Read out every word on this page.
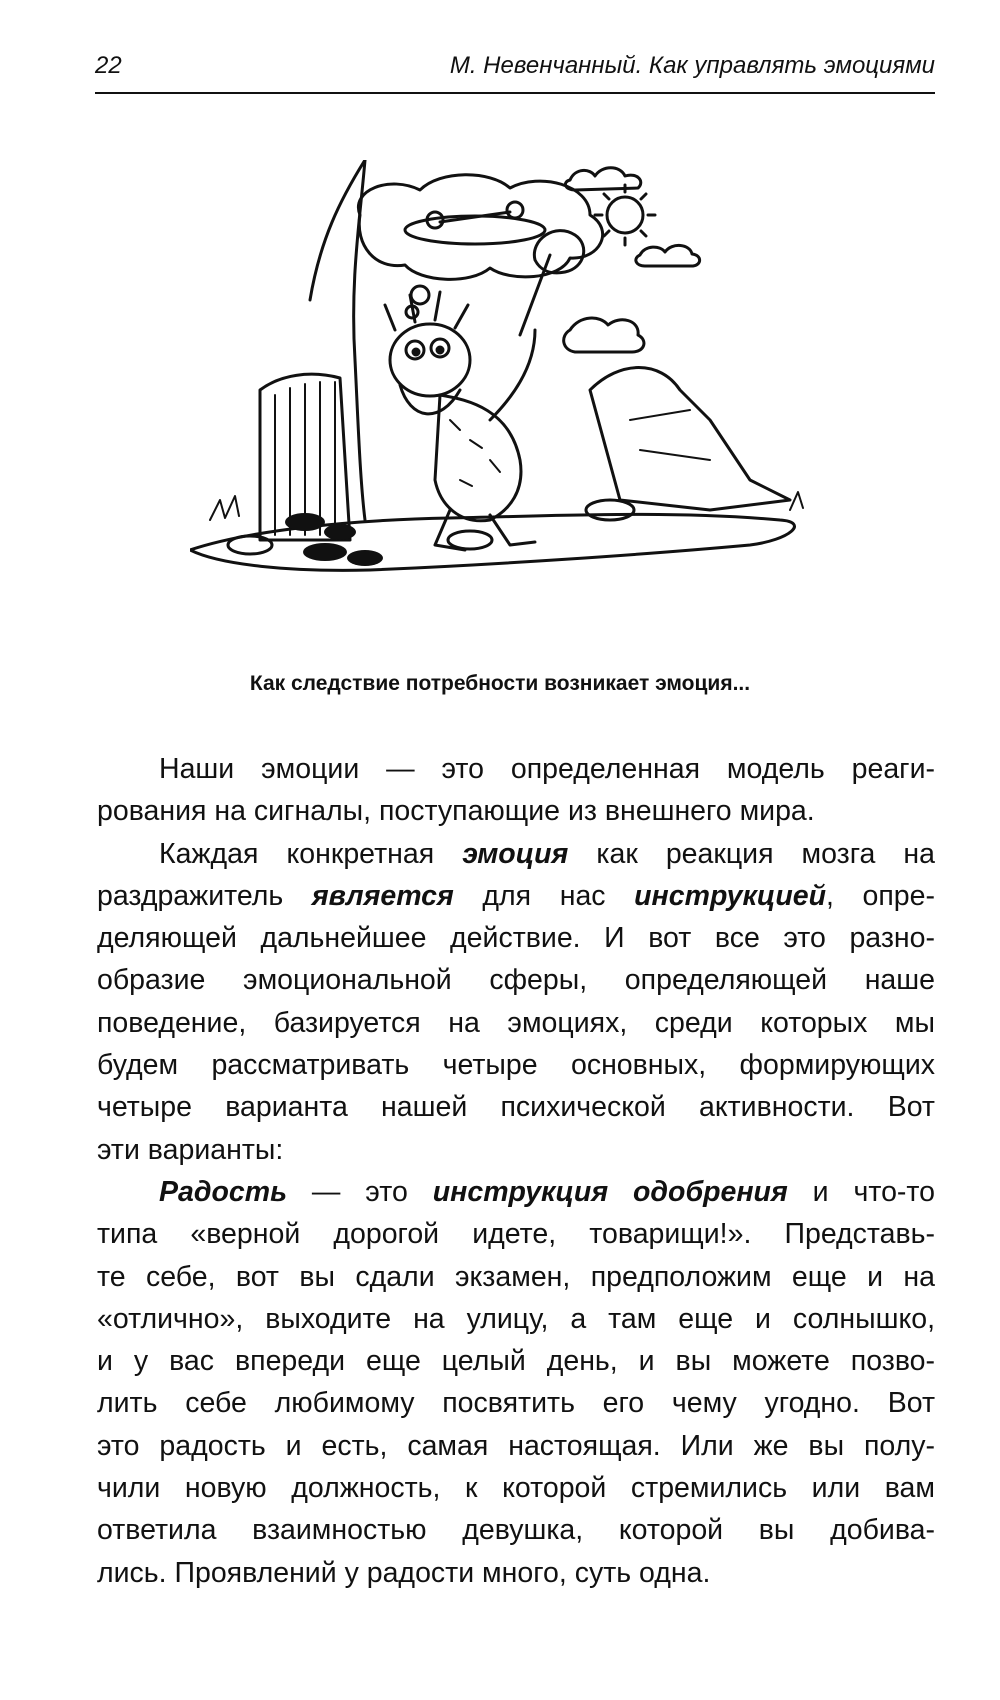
22	М. Невенчанный. Как управлять эмоциями
Как следствие потребности возникает эмоция...
Наши эмоции — это определенная модель реаги-
рования на сигналы, поступающие из внешнего мира.
Каждая конкретная эмоция как реакция мозга на
раздражитель является для нас инструкцией, опре-
деляющей дальнейшее действие. И вот все это разно-
образие эмоциональной сферы, определяющей наше
поведение, базируется на эмоциях, среди которых мы
будем рассматривать четыре основных, формирующих
четыре варианта нашей психической активности. Вот
эти варианты:
Радость — это инструкция одобрения и что-то
типа «верной дорогой идете, товарищи!». Представь-
те себе, вот вы сдали экзамен, предположим еще и на
«отлично», выходите на улицу, а там еще и солнышко,
и у вас впереди еще целый день, и вы можете позво-
лить себе любимому посвятить его чему угодно. Вот
это радость и есть, самая настоящая. Или же вы полу-
чили новую должность, к которой стремились или вам
ответила взаимностью девушка, которой вы добива-
лись. Проявлений у радости много, суть одна.
